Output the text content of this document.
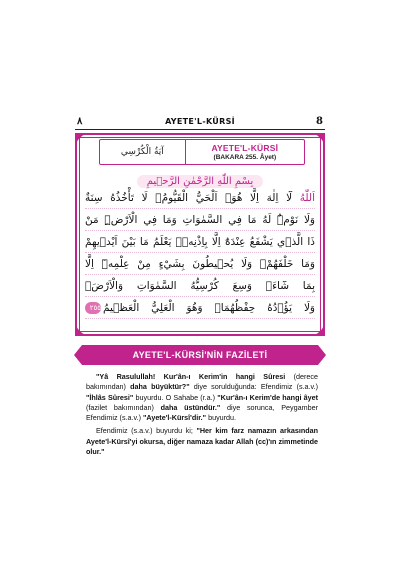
٨	AYETE'L-KÜRSİ	8
آيَةُ الْكُرْسِي	AYETE'L-KÜRSİ
(BAKARA 255. Âyet)
بِسْمِ اللّٰهِ الرَّحْمٰنِ الرَّح۪يمِ
اَللّٰهُ لَٓا اِلٰهَ اِلَّا هُوَۚ اَلْحَيُّ الْقَيُّومُۚ لَا تَأْخُذُهُ سِنَةٌ
وَلَا نَوْمٌۜ لَهُ مَا فِي السَّمٰوَاتِ وَمَا فِي الْاَرْضِۜ مَنْ
ذَا الَّذ۪ي يَشْفَعُ عِنْدَهُٓ اِلَّا بِاِذْنِه۪ۜ يَعْلَمُ مَا بَيْنَ اَيْد۪يهِمْ
وَمَا خَلْفَهُمْۚ وَلَا يُح۪يطُونَ بِشَيْءٍ مِنْ عِلْمِه۪ٓ اِلَّا
بِمَا شَٓاءَۚ وَسِعَ كُرْسِيُّهُ السَّمٰوَاتِ وَالْاَرْضَۚ
وَلَا يَؤُ۫دُهُ حِفْظُهُمَاۚ وَهُوَ الْعَلِيُّ الْعَظ۪يمُ٢٥٥
AYETE'L-KÜRSİ'NİN FAZİLETİ

"Yâ Rasulullah! Kur'ân-ı Kerim'in hangi Sûresi (derece bakımından) daha büyüktür?" diye sorulduğunda: Efendimiz (s.a.v.) "İhlâs Sûresi" buyurdu. O Sahabe (r.a.) "Kur'ân-ı Kerim'de hangi âyet (fazilet bakımından) daha üstündür." diye sorunca, Peygamber Efendimiz (s.a.v.) "Ayete'l-Kürsî'dir." buyurdu.

Efendimiz (s.a.v.) buyurdu ki; "Her kim farz namazın arkasından Ayete'l-Kürsî'yi okursa, diğer namaza kadar Allah (cc)'ın zimmetinde olur."
